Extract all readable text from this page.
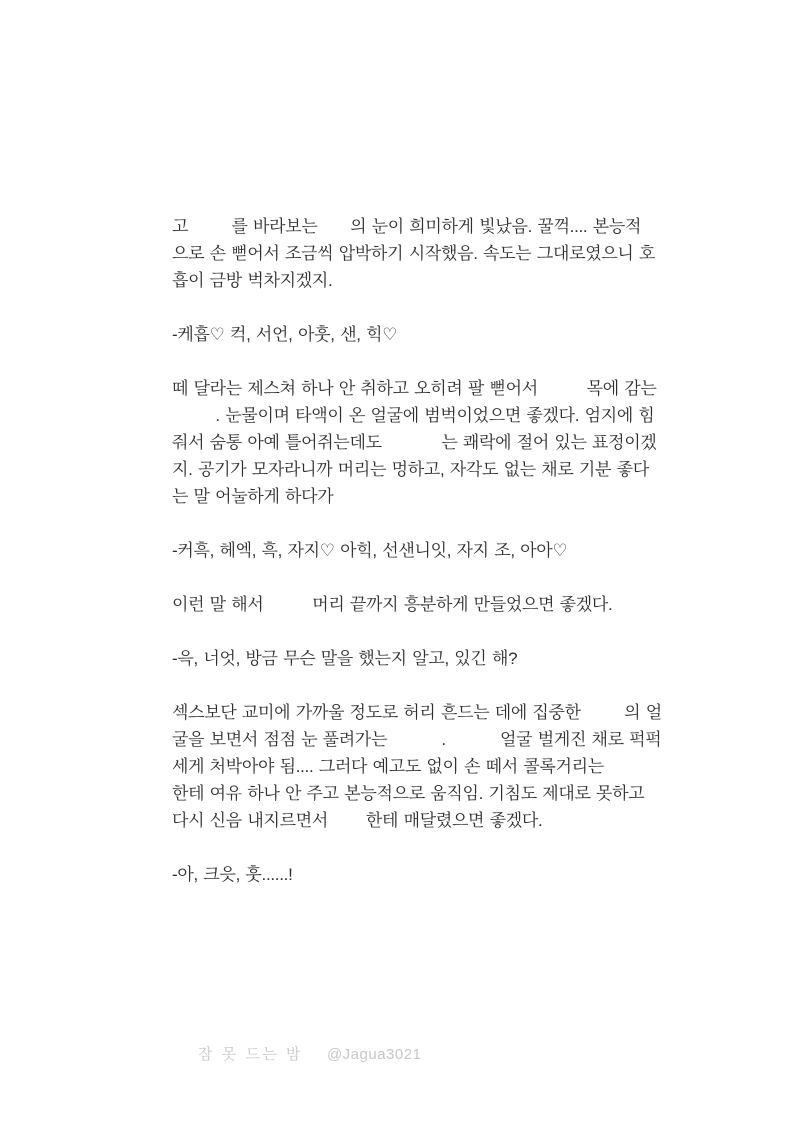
고        를 바라보는      의 눈이 희미하게 빛났음. 꿀꺽.... 본능적
으로 손 뻗어서 조금씩 압박하기 시작했음. 속도는 그대로였으니 호
흡이 금방 벅차지겠지.
-케흡♡ 컥, 서언, 아훗, 샌, 힉♡
떼 달라는 제스쳐 하나 안 취하고 오히려 팔 뻗어서         목에 감는
. 눈물이며 타액이 온 얼굴에 범벅이었으면 좋겠다. 엄지에 힘
줘서 숨통 아예 틀어쥐는데도           는 쾌락에 절어 있는 표정이겠
지. 공기가 모자라니까 머리는 멍하고, 자각도 없는 채로 기분 좋다
는 말 어눌하게 하다가
-커흑, 헤엑, 흑, 자지♡ 아힉, 선샌니잇, 자지 조, 아아♡
이런 말 해서         머리 끝까지 흥분하게 만들었으면 좋겠다.
-윽, 너엇, 방금 무슨 말을 했는지 알고, 있긴 해?
섹스보단 교미에 가까울 정도로 허리 흔드는 데에 집중한        의 얼
굴을 보면서 점점 눈 풀려가는          .          얼굴 벌게진 채로 퍽퍽
세게 처박아야 됨.... 그러다 예고도 없이 손 떼서 콜록거리는
한테 여유 하나 안 주고 본능적으로 움직임. 기침도 제대로 못하고
다시 신음 내지르면서       한테 매달렸으면 좋겠다.
-아, 크읏, 훗......!
잠 못 드는 밤 @Jagua3021
